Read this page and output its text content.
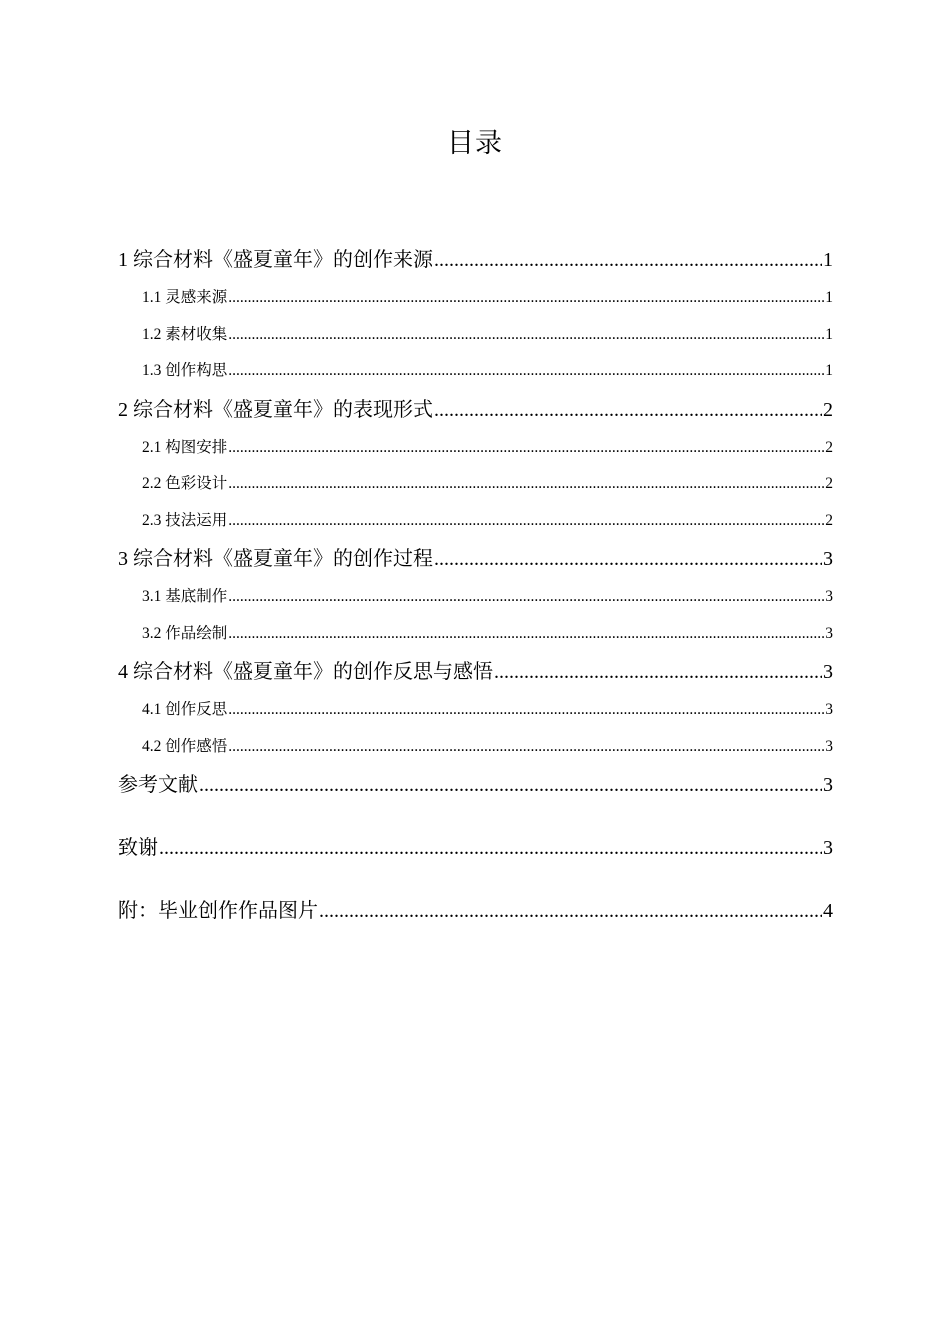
目录
1 综合材料《盛夏童年》的创作来源 .....	1
1.1 灵感来源 .....	1
1.2 素材收集 .....	1
1.3 创作构思 .....	1
2 综合材料《盛夏童年》的表现形式 .....	2
2.1 构图安排 .....	2
2.2 色彩设计 .....	2
2.3 技法运用 .....	2
3 综合材料《盛夏童年》的创作过程 .....	3
3.1 基底制作 .....	3
3.2 作品绘制 .....	3
4 综合材料《盛夏童年》的创作反思与感悟 .....	3
4.1 创作反思 .....	3
4.2 创作感悟 .....	3
参考文献 .....	3
致谢 .....	3
附：毕业创作作品图片 .....	4
